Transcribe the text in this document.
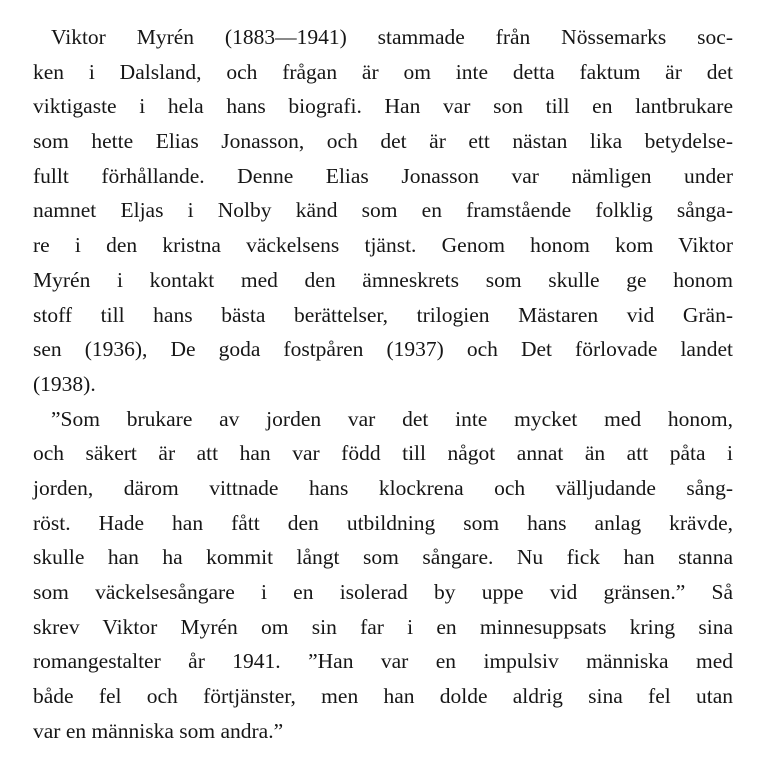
Viktor Myrén (1883—1941) stammade från Nössemarks soc-
ken i Dalsland, och frågan är om inte detta faktum är det
viktigaste i hela hans biografi. Han var son till en lantbrukare
som hette Elias Jonasson, och det är ett nästan lika betydelse-
fullt förhållande. Denne Elias Jonasson var nämligen under
namnet Eljas i Nolby känd som en framstående folklig sånga-
re i den kristna väckelsens tjänst. Genom honom kom Viktor
Myrén i kontakt med den ämneskrets som skulle ge honom
stoff till hans bästa berättelser, trilogien Mästaren vid Grän-
sen (1936), De goda fostpåren (1937) och Det förlovade landet
(1938).
”Som brukare av jorden var det inte mycket med honom,
och säkert är att han var född till något annat än att påta i
jorden, därom vittnade hans klockrena och välljudande sång-
röst. Hade han fått den utbildning som hans anlag krävde,
skulle han ha kommit långt som sångare. Nu fick han stanna
som väckelsesångare i en isolerad by uppe vid gränsen.” Så
skrev Viktor Myrén om sin far i en minnesuppsats kring sina
romangestalter år 1941. ”Han var en impulsiv människa med
både fel och förtjänster, men han dolde aldrig sina fel utan
var en människa som andra.”
